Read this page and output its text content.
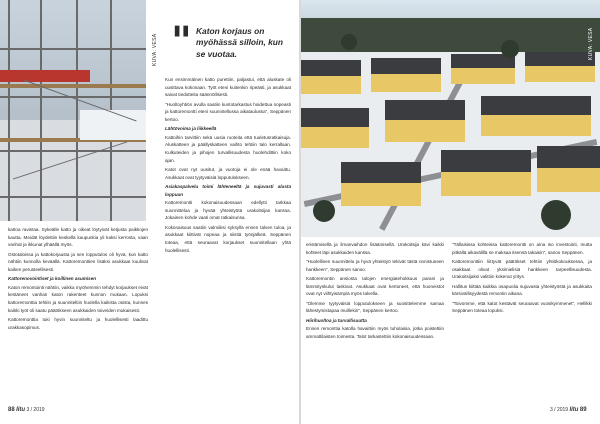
KUVA: VESA " Katon korjaus on myöhässä silloin, kun se vuotaa.

Kun ensimmäinen katto purettiin, paljastui, että aluskate oli uusittava kokonaan. Työt eteni kuitenkin ripeästi, ja asukkaat saivat tiedotteita säännöllisesti.

"Huoltoyhtiön avulla saatiin kuntotarkastus hoidettua nopeasti ja kattoremontti eteni suunnitellussa aikataulussa", Seppänen kertoo.

Lähtövoima ja liikkeellä

Kattoihin tarvittiin sekä uusia ruoteita että tuuletusratkaisuja. Aluskatteen ja päällyskatteen vaihto tehtiin talo kerrallaan. Kulkuteiden ja pihojen turvallisuudesta huolehdittiin koko ajan.

Katot ovat nyt uusitut, ja vuotoja ei ole enää havaittu. Asukkaat ovat tyytyväisiä lopputulokseen.

Asiakaspalvelu toimi lähteneeltä ja sujuvasti alusta loppuun

Kattoremontti kokonaisuudessaan edellytti tarkkaa suunnittelua ja hyvää yhteistyötä urakoitsijan kanssa. Jokainen kohde vaati omat ratkaisunsa.

Kokonaisuus saatiin valmiiksi syksyllä ennen talven tuloa, ja asukkaat kiittivät nopeaa ja siistiä työnjälkeä. Seppänen toteaa, että seuraavat korjaukset suunnitellaan yhtä huolellisesti.

kattoa ravistaa. Sykeälle katto ja oikeat löytyivät ketjusta paikkojen kautta. Meidät löydettiin keskellä kaupunkia yli kaksi kerrosta, vaan vanhat ja ikkunat ylhäällä myös.

Ostotaloissa ja kattokorjausta ja sen lopputulos oli hyvä, kun katto nähtiin kunnolla keväällä. Kattoremonttien lisäksi asukkaat kuulivat kaiken perusteellisesti.

Kattorenovointiset ja koillinen asumisen

Katon remontointi nähtiin, vaikka myöhemmin tehdyt korjaukset eivät kestäneet vanhan katon rakenteet kunnon mukaan. Lopuksi kattoremonttia tehtiin ja suunniteltiin huolella kaikista osista, kunnes kaikki työt oli saatu päätökseen asukkaiden toiveiden mukaisesti.

Kattoremonttia tuki hyvin suunniteltu ja huolellisesti laadittu urakkasopimus.

KUVA: VESA

eristämisellä ja ilmanvaihdon lisäämisellä. Urakoitsija kävi kaikki kohteet läpi asukkaiden kanssa.

"Huolellinen suunnittelu ja hyvä yhteistyö tekivät tästä onnistuneen hankkeen", Seppänen sanoo.

Kattoremontin ansiosta talojen energiatehokkuus parani ja lämmityskulut laskivat. Asukkaat ovat kertoneet, että huoneistot ovat nyt viihtyisämpiä myös talvella.

"Olemme tyytyväisiä lopputulokseen ja suosittelemme samaa lähestymistapaa muillekin", Seppänen kertoo.

Hiirihuoltoa ja turvallisuutta

Ennen remonttia katolla havaittiin myös tuholaisia, jotka poistettiin ammattilaisten toimesta. Talot tarkastettiin kokonaisuudessaan.

"Tällaisissa kohteissa kattoremontti on aina iso investointi, mutta pitkällä aikavälillä se maksaa itsensä takaisin", sanoo Seppänen.

Kattoremonttiin liittyvät päätökset tehtiin yhtiökokouksessa, ja osakkaat olivat yksimielisiä hankkeen tarpeellisuudesta. Urakoitsijaksi valittiin kokenut yritys.

Hallitus kiittää kaikkia osapuolia sujuvasta yhteistyöstä ja asukkaita kärsivällisyydestä remontin aikana.

"Toivomme, että katot kestävät seuraavat vuosikymmenet", Hellikki Seppänen toteaa lopuksi.

88 Iitu 3 / 2019	3 / 2019 Iitu 89
